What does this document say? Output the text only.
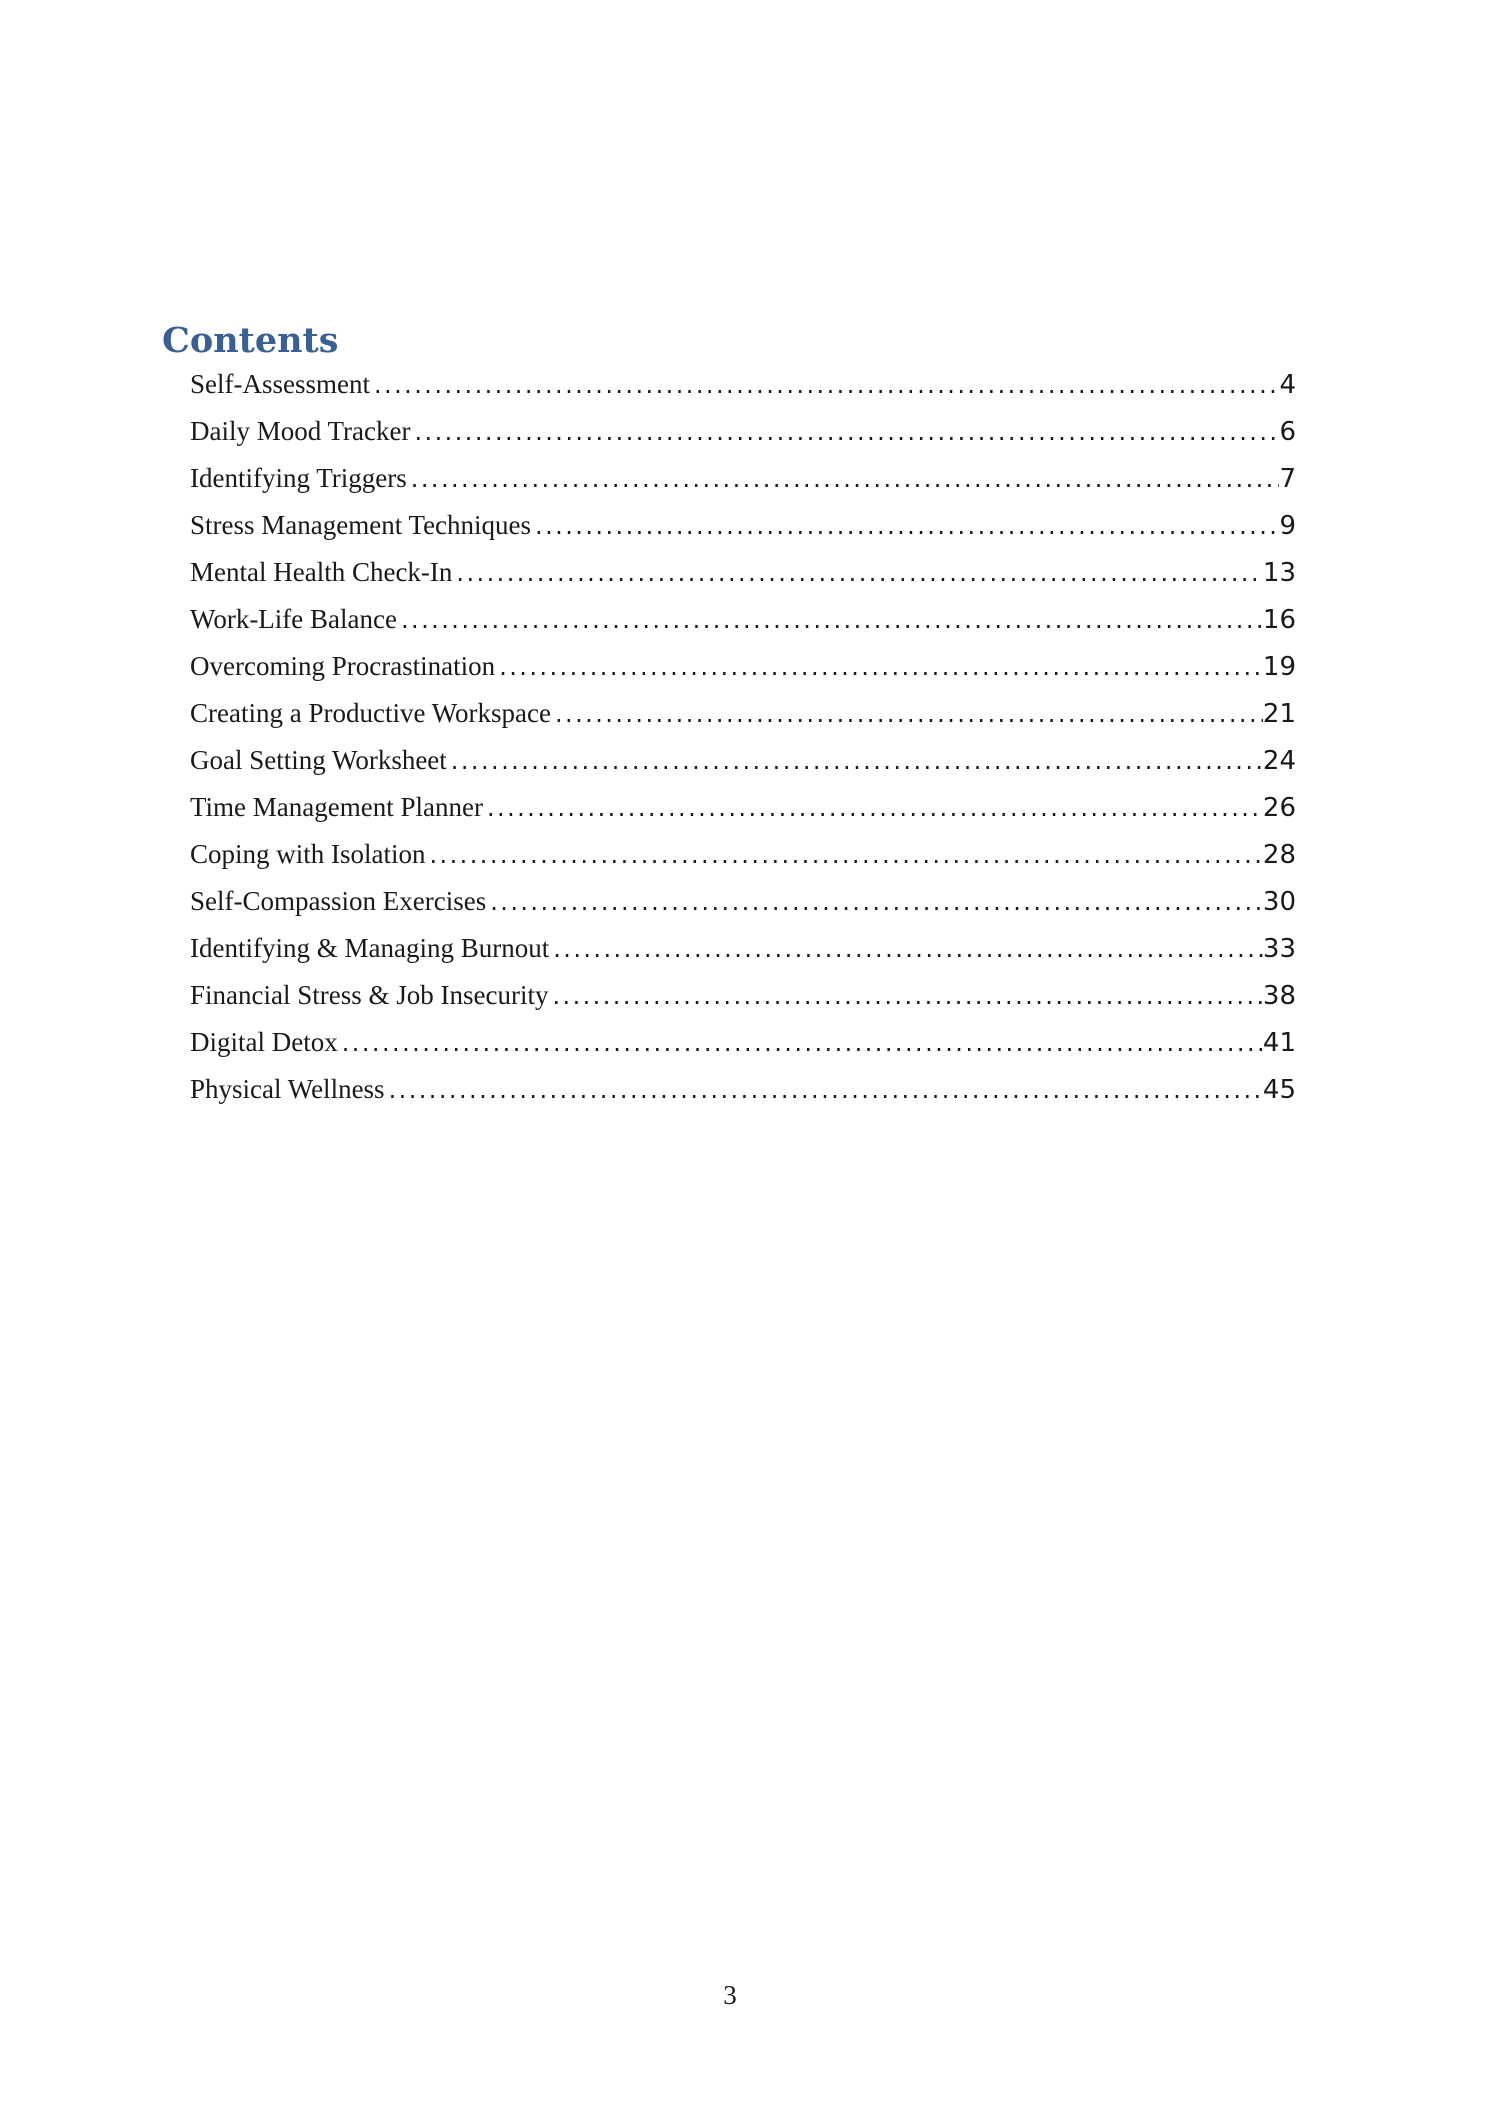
Contents
Self-Assessment . . .	4
Daily Mood Tracker . . .	6
Identifying Triggers . . .	7
Stress Management Techniques . . .	9
Mental Health Check-In . . .	13
Work-Life Balance . . .	16
Overcoming Procrastination . . .	19
Creating a Productive Workspace . . .	21
Goal Setting Worksheet . . .	24
Time Management Planner . . .	26
Coping with Isolation . . .	28
Self-Compassion Exercises . . .	30
Identifying & Managing Burnout . . .	33
Financial Stress & Job Insecurity . . .	38
Digital Detox . . .	41
Physical Wellness . . .	45
3
